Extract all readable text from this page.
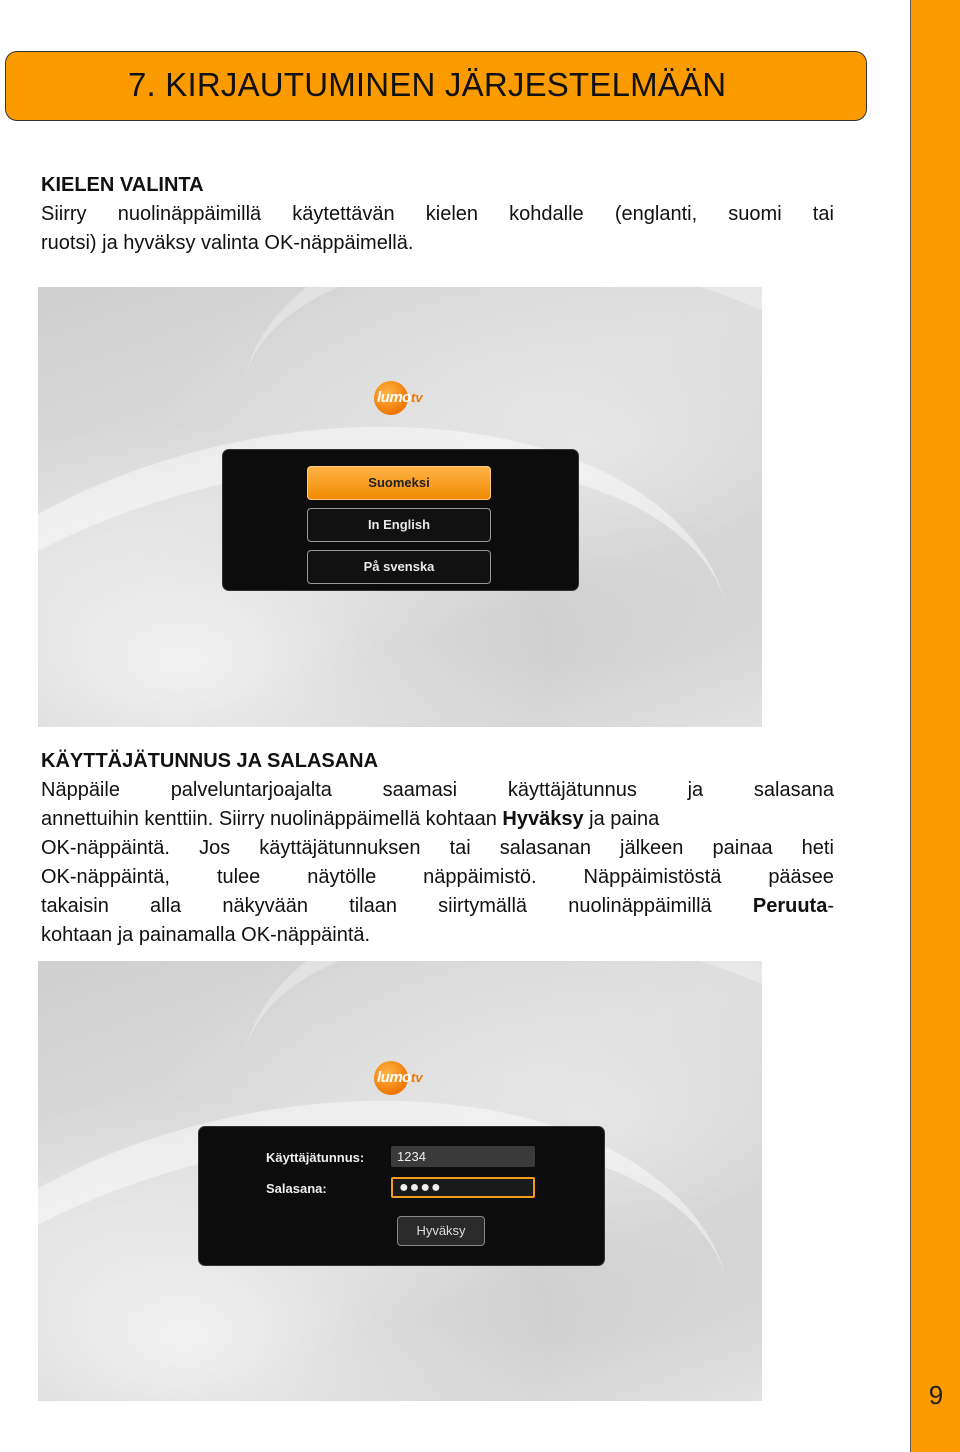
9
7. KIRJAUTUMINEN JÄRJESTELMÄÄN
KIELEN VALINTA
Siirry nuolinäppäimillä käytettävän kielen kohdalle (englanti, suomi tai
ruotsi) ja hyväksy valinta OK-näppäimellä.
lumo tv
Suomeksi
In English
På svenska
KÄYTTÄJÄTUNNUS JA SALASANA
Näppäile	palveluntarjoajalta	saamasi	käyttäjätunnus	ja	salasana
annettuihin kenttiin. Siirry nuolinäppäimellä kohtaan Hyväksy ja paina
OK-näppäintä. Jos käyttäjätunnuksen tai salasanan jälkeen painaa heti
OK-näppäintä, tulee näytölle näppäimistö. Näppäimistöstä pääsee
takaisin alla näkyvään tilaan siirtymällä nuolinäppäimillä Peruuta-
kohtaan ja painamalla OK-näppäintä.
lumo tv
Käyttäjätunnus:	1234
Salasana:	●●●●
Hyväksy
